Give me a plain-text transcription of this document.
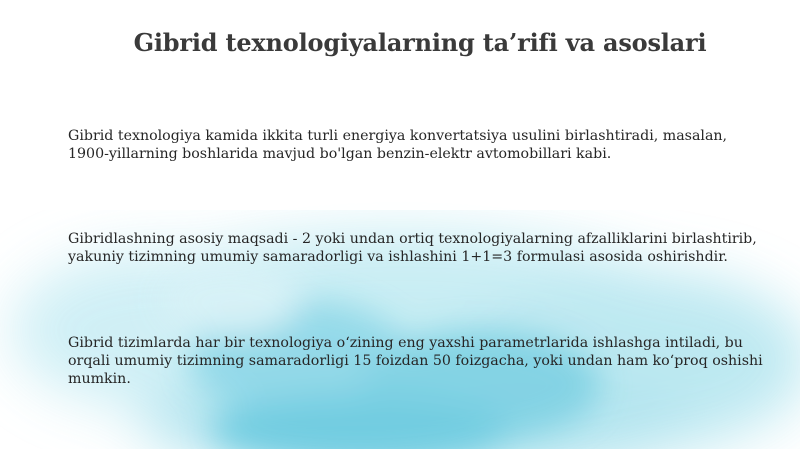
Gibrid texnologiyalarning ta’rifi va asoslari

Gibrid texnologiya kamida ikkita turli energiya konvertatsiya usulini birlashtiradi, masalan, 1900-yillarning boshlarida mavjud bo'lgan benzin-elektr avtomobillari kabi.

Gibridlashning asosiy maqsadi - 2 yoki undan ortiq texnologiyalarning afzalliklarini birlashtirib, yakuniy tizimning umumiy samaradorligi va ishlashini 1+1=3 formulasi asosida oshirishdir.

Gibrid tizimlarda har bir texnologiya o‘zining eng yaxshi parametrlarida ishlashga intiladi, bu orqali umumiy tizimning samaradorligi 15 foizdan 50 foizgacha, yoki undan ham ko‘proq oshishi mumkin.
